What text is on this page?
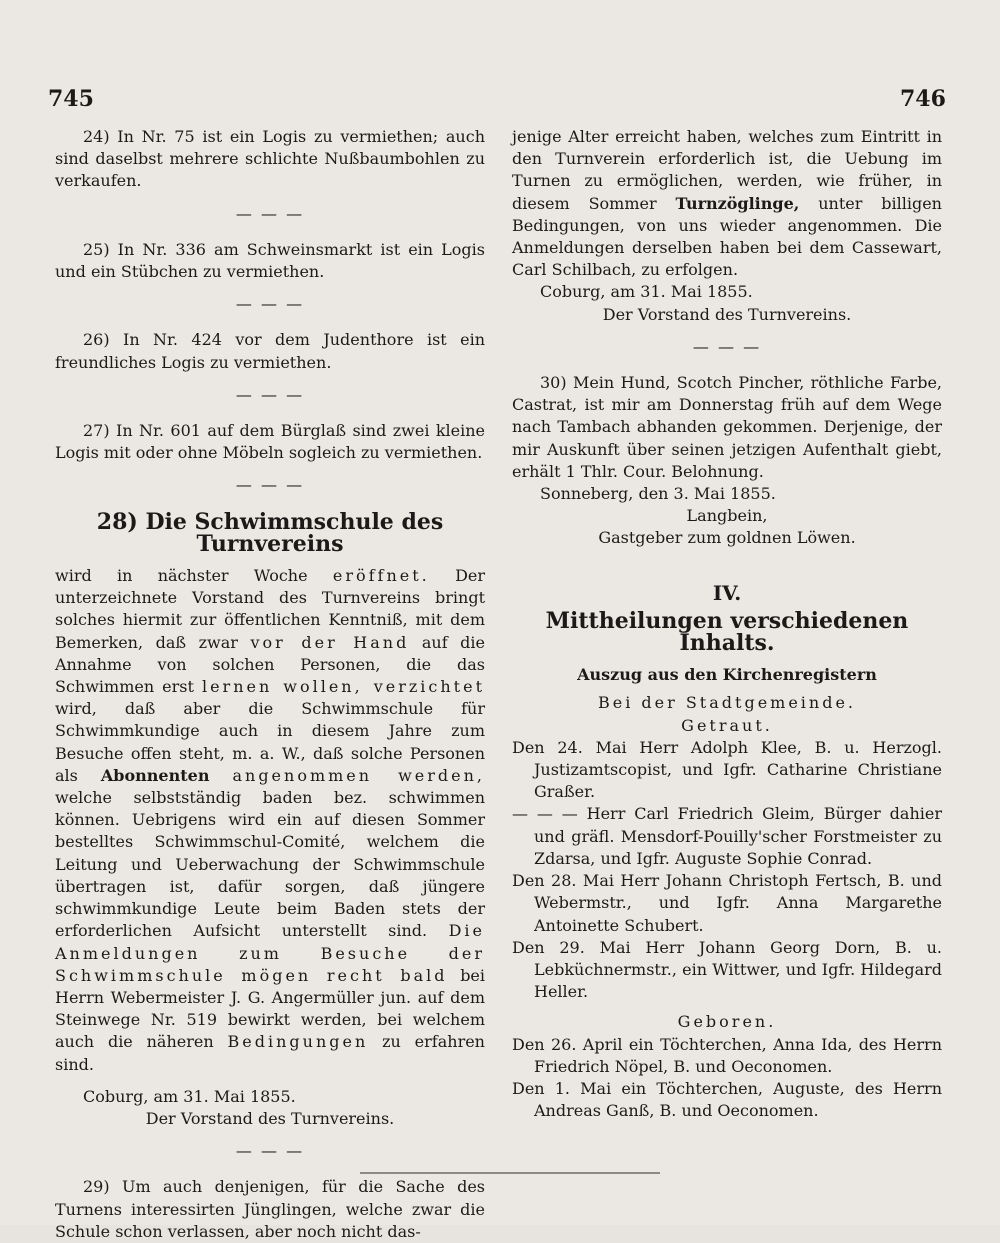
745	746

24) In Nr. 75 ist ein Logis zu vermiethen; auch sind daselbst mehrere schlichte Nußbaumbohlen zu verkaufen.

— — —

25) In Nr. 336 am Schweinsmarkt ist ein Logis und ein Stübchen zu vermiethen.

— — —

26) In Nr. 424 vor dem Judenthore ist ein freundliches Logis zu vermiethen.

— — —

27) In Nr. 601 auf dem Bürglaß sind zwei kleine Logis mit oder ohne Möbeln sogleich zu vermiethen.

— — —
28) Die Schwimmschule des Turnvereins

wird in nächster Woche eröffnet. Der unterzeichnete Vorstand des Turnvereins bringt solches hiermit zur öffentlichen Kenntniß, mit dem Bemerken, daß zwar vor der Hand auf die Annahme von solchen Personen, die das Schwimmen erst lernen wollen, verzichtet wird, daß aber die Schwimmschule für Schwimmkundige auch in diesem Jahre zum Besuche offen steht, m. a. W., daß solche Personen als Abonnenten angenommen werden, welche selbstständig baden bez. schwimmen können. Uebrigens wird ein auf diesen Sommer bestelltes Schwimmschul-Comité, welchem die Leitung und Ueberwachung der Schwimmschule übertragen ist, dafür sorgen, daß jüngere schwimmkundige Leute beim Baden stets der erforderlichen Aufsicht unterstellt sind. Die Anmeldungen zum Besuche der Schwimmschule mögen recht bald bei Herrn Webermeister J. G. Angermüller jun. auf dem Steinwege Nr. 519 bewirkt werden, bei welchem auch die näheren Bedingungen zu erfahren sind.

Coburg, am 31. Mai 1855.

Der Vorstand des Turnvereins.

— — —

29) Um auch denjenigen, für die Sache des Turnens interessirten Jünglingen, welche zwar die Schule schon verlassen, aber noch nicht das-

jenige Alter erreicht haben, welches zum Eintritt in den Turnverein erforderlich ist, die Uebung im Turnen zu ermöglichen, werden, wie früher, in diesem Sommer Turnzöglinge, unter billigen Bedingungen, von uns wieder angenommen. Die Anmeldungen derselben haben bei dem Cassewart, Carl Schilbach, zu erfolgen.

Coburg, am 31. Mai 1855.

Der Vorstand des Turnvereins.

— — —

30) Mein Hund, Scotch Pincher, röthliche Farbe, Castrat, ist mir am Donnerstag früh auf dem Wege nach Tambach abhanden gekommen. Derjenige, der mir Auskunft über seinen jetzigen Aufenthalt giebt, erhält 1 Thlr. Cour. Belohnung.

Sonneberg, den 3. Mai 1855.

Langbein,

Gastgeber zum goldnen Löwen.

IV.
Mittheilungen verschiedenen Inhalts.
Auszug aus den Kirchenregistern
Bei der Stadtgemeinde.
Getraut.

Den 24. Mai Herr Adolph Klee, B. u. Herzogl. Justizamtscopist, und Igfr. Catharine Christiane Graßer.

— — — Herr Carl Friedrich Gleim, Bürger dahier und gräfl. Mensdorf-Pouilly'scher Forstmeister zu Zdarsa, und Igfr. Auguste Sophie Conrad.

Den 28. Mai Herr Johann Christoph Fertsch, B. und Webermstr., und Igfr. Anna Margarethe Antoinette Schubert.

Den 29. Mai Herr Johann Georg Dorn, B. u. Lebküchnermstr., ein Wittwer, und Igfr. Hildegard Heller.

Geboren.

Den 26. April ein Töchterchen, Anna Ida, des Herrn Friedrich Nöpel, B. und Oeconomen.

Den 1. Mai ein Töchterchen, Auguste, des Herrn Andreas Ganß, B. und Oeconomen.
